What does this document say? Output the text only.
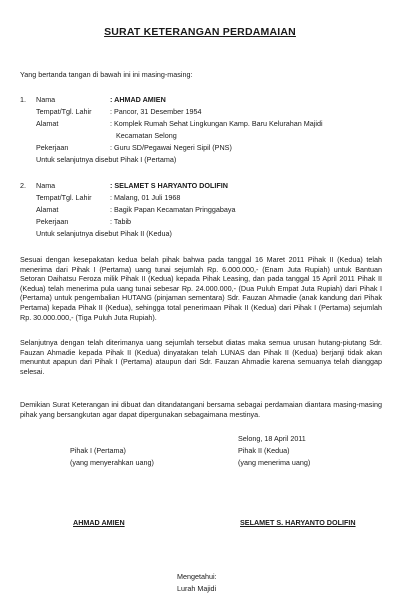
SURAT KETERANGAN PERDAMAIAN
Yang bertanda tangan di bawah ini ini masing-masing:
1. Nama	: AHMAD AMIEN
Tempat/Tgl. Lahir	: Pancor, 31 Desember 1954
Alamat	: Komplek Rumah Sehat Lingkungan Kamp. Baru Kelurahan Majidi
Kecamatan Selong
Pekerjaan	: Guru SD/Pegawai Negeri Sipil (PNS)
Untuk selanjutnya disebut Pihak I (Pertama)
2. Nama	: SELAMET S HARYANTO DOLIFIN
Tempat/Tgl. Lahir	: Malang, 01 Juli 1968
Alamat	: Bagik Papan Kecamatan Pringgabaya
Pekerjaan	: Tabib
Untuk selanjutnya disebut Pihak II (Kedua)
Sesuai dengan kesepakatan kedua belah pihak bahwa pada tanggal 16 Maret 2011 Pihak II (Kedua) telah menerima dari Pihak I (Pertama) uang tunai sejumlah Rp. 6.000.000,- (Enam Juta Rupiah) untuk Bantuan Setoran Daihatsu Feroza milik Pihak II (Kedua) kepada Pihak Leasing, dan pada tanggal 15 April 2011 Pihak II (Kedua) telah menerima pula uang tunai sebesar Rp. 24.000.000,- (Dua Puluh Empat Juta Rupiah) dari Pihak I (Pertama) untuk pengembalian HUTANG (pinjaman sementara) Sdr. Fauzan Ahmadie (anak kandung dari Pihak Pertama) kepada Pihak II (Kedua), sehingga total penerimaan Pihak II (Kedua) dari Pihak I (Pertama) sejumlah Rp. 30.000.000,- (Tiga Puluh Juta Rupiah).
Selanjutnya dengan telah diterimanya uang sejumlah tersebut diatas maka semua urusan hutang-piutang Sdr. Fauzan Ahmadie kepada Pihak II (Kedua) dinyatakan telah LUNAS dan Pihak II (Kedua) berjanji tidak akan menuntut apapun dari Pihak I (Pertama) ataupun dari Sdr. Fauzan Ahmadie karena semuanya telah dianggap selesai.
Demikian Surat Keterangan ini dibuat dan ditandatangani bersama sebagai perdamaian diantara masing-masing pihak yang bersangkutan agar dapat dipergunakan sebagaimana mestinya.
Selong, 18 April 2011
Pihak I (Pertama)
(yang menyerahkan uang)
AHMAD AMIEN
Pihak II (Kedua)
(yang menerima uang)
SELAMET S. HARYANTO DOLIFIN
Mengetahui:
Lurah Majidi
